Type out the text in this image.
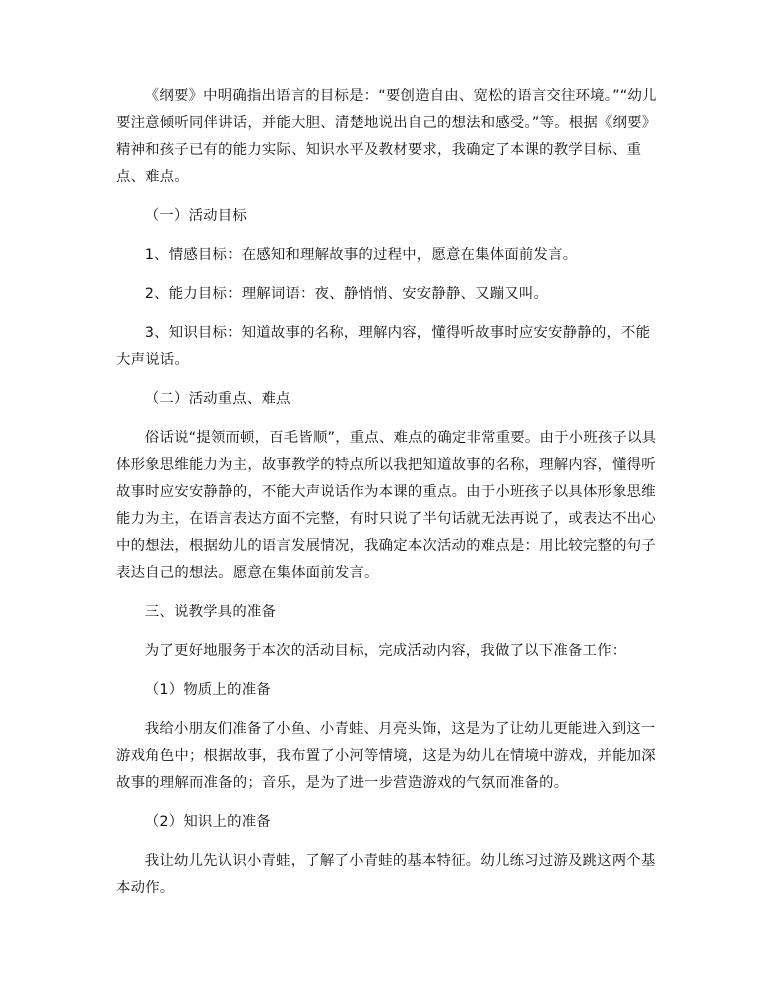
《纲要》中明确指出语言的目标是：“要创造自由、宽松的语言交往环境。”“幼儿要注意倾听同伴讲话，并能大胆、清楚地说出自己的想法和感受。”等。根据《纲要》精神和孩子已有的能力实际、知识水平及教材要求，我确定了本课的教学目标、重点、难点。

（一）活动目标

1、情感目标：在感知和理解故事的过程中，愿意在集体面前发言。

2、能力目标：理解词语：夜、静悄悄、安安静静、又蹦又叫。

3、知识目标：知道故事的名称，理解内容，懂得听故事时应安安静静的，不能大声说话。

（二）活动重点、难点

俗话说“提领而顿，百毛皆顺”，重点、难点的确定非常重要。由于小班孩子以具体形象思维能力为主，故事教学的特点所以我把知道故事的名称，理解内容，懂得听故事时应安安静静的，不能大声说话作为本课的重点。由于小班孩子以具体形象思维能力为主，在语言表达方面不完整，有时只说了半句话就无法再说了，或表达不出心中的想法，根据幼儿的语言发展情况，我确定本次活动的难点是：用比较完整的句子表达自己的想法。愿意在集体面前发言。

三、说教学具的准备

为了更好地服务于本次的活动目标，完成活动内容，我做了以下准备工作：

（1）物质上的准备

我给小朋友们准备了小鱼、小青蛙、月亮头饰，这是为了让幼儿更能进入到这一游戏角色中；根据故事，我布置了小河等情境，这是为幼儿在情境中游戏，并能加深故事的理解而准备的；音乐，是为了进一步营造游戏的气氛而准备的。

（2）知识上的准备

我让幼儿先认识小青蛙，了解了小青蛙的基本特征。幼儿练习过游及跳这两个基本动作。
